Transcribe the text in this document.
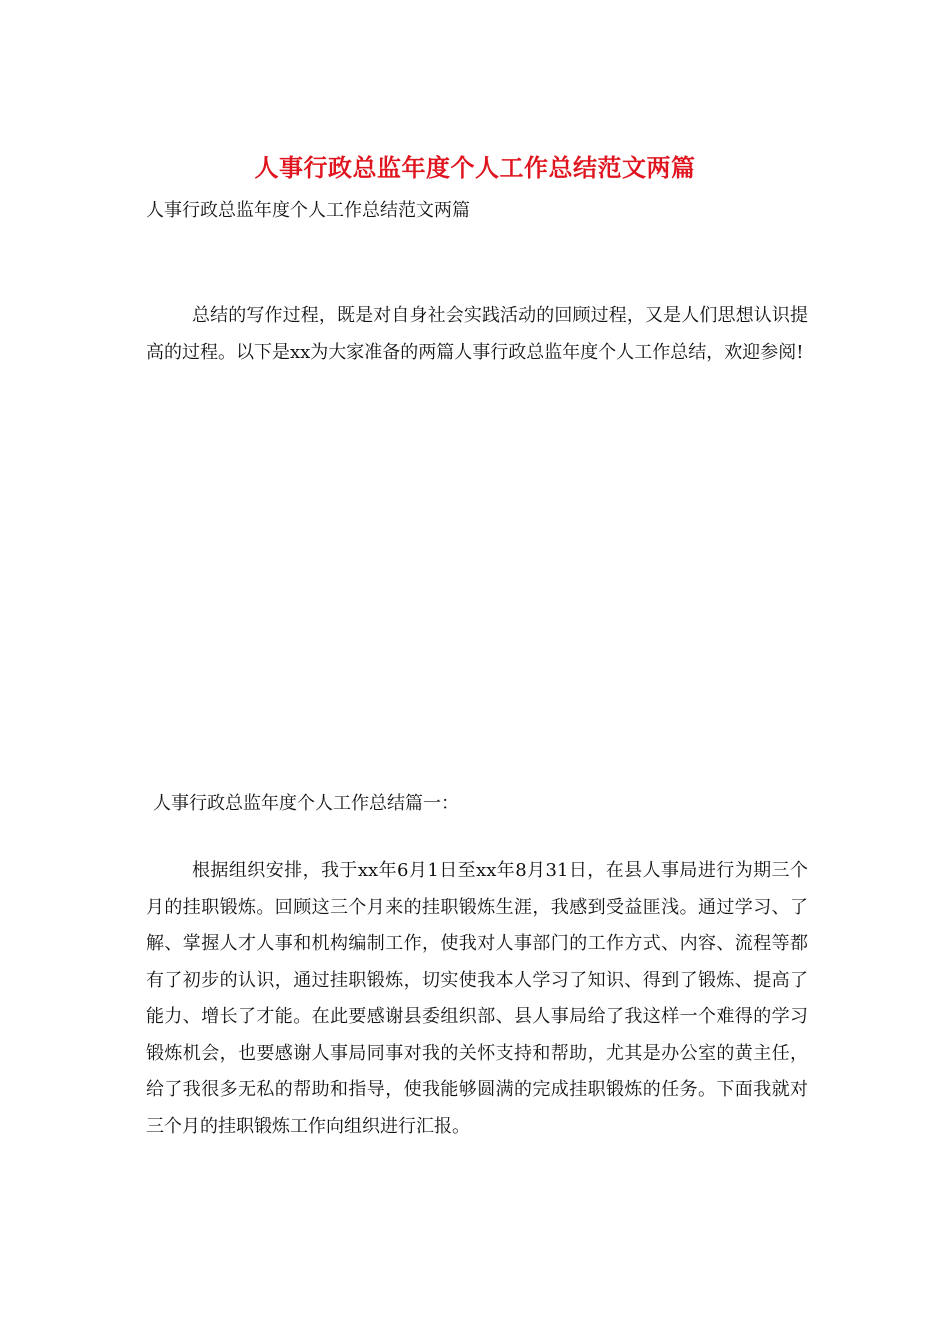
人事行政总监年度个人工作总结范文两篇
人事行政总监年度个人工作总结范文两篇
总结的写作过程，既是对自身社会实践活动的回顾过程，又是人们思想认识提高的过程。以下是xx为大家准备的两篇人事行政总监年度个人工作总结，欢迎参阅!
人事行政总监年度个人工作总结篇一：
根据组织安排，我于xx年6月1日至xx年8月31日，在县人事局进行为期三个月的挂职锻炼。回顾这三个月来的挂职锻炼生涯，我感到受益匪浅。通过学习、了解、掌握人才人事和机构编制工作，使我对人事部门的工作方式、内容、流程等都有了初步的认识，通过挂职锻炼，切实使我本人学习了知识、得到了锻炼、提高了能力、增长了才能。在此要感谢县委组织部、县人事局给了我这样一个难得的学习锻炼机会，也要感谢人事局同事对我的关怀支持和帮助，尤其是办公室的黄主任，给了我很多无私的帮助和指导，使我能够圆满的完成挂职锻炼的任务。下面我就对三个月的挂职锻炼工作向组织进行汇报。
